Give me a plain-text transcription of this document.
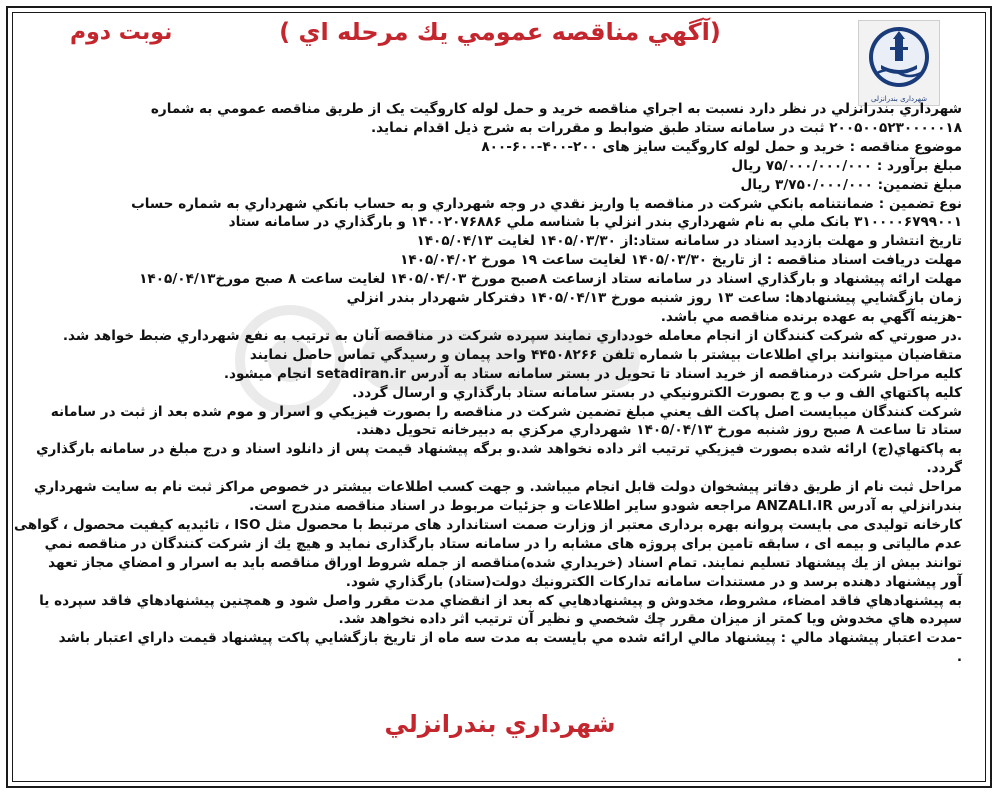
(آگهي مناقصه عمومي يك مرحله اي )
نوبت دوم
شهرداری بندرانزلی
شهرداري بندرانزلي در نظر دارد نسبت به اجراي مناقصه خريد و حمل لوله كاروگيت يک از طريق مناقصه عمومي به شماره
۲۰۰۵۰۰۵۲۳۰۰۰۰۰۱۸ ثبت در سامانه ستاد طبق ضوابط و مقررات به شرح ذيل اقدام نمايد.
موضوع مناقصه : خريد و حمل لوله كاروگيت سايز های ۲۰۰-۴۰۰-۶۰۰-۸۰۰
مبلغ برآورد : ۷۵/۰۰۰/۰۰۰/۰۰۰ ريال
مبلغ تضمين: ۳/۷۵۰/۰۰۰/۰۰۰ ريال
نوع تضمين : ضمانتنامه بانكي شركت در مناقصه يا واريز نقدي در وجه شهرداري و به حساب بانكي شهرداري به شماره حساب
۳۱۰۰۰۰۶۷۹۹۰۰۱ بانک ملي به نام شهرداري بندر انزلي با شناسه ملي ۱۴۰۰۲۰۷۶۸۸۶ و بارگذاري در سامانه ستاد
تاريخ انتشار و مهلت بازديد اسناد در سامانه ستاد:از ۱۴۰۵/۰۳/۳۰ لغايت ۱۴۰۵/۰۴/۱۳
مهلت دريافت اسناد مناقصه : از تاريخ ۱۴۰۵/۰۳/۳۰ لغايت ساعت ۱۹ مورخ ۱۴۰۵/۰۴/۰۲
مهلت ارائه پيشنهاد و بارگذاري اسناد در سامانه ستاد ازساعت ۸صبح مورخ ۱۴۰۵/۰۴/۰۳ لغايت ساعت ۸ صبح مورخ۱۴۰۵/۰۴/۱۳
زمان بازگشايي پيشنهادها: ساعت ۱۳ روز شنبه مورخ ۱۴۰۵/۰۴/۱۳ دفتركار شهردار بندر انزلي
-هزينه آگهي به عهده برنده مناقصه مي باشد.
.در صورتي كه شركت كنندگان از انجام معامله خودداري نمايند سپرده شركت در مناقصه آنان به ترتيب به نفع شهرداري ضبط خواهد شد.
متقاضيان ميتوانند براي اطلاعات بيشتر با شماره تلفن ۴۴۵۰۸۲۶۶ واحد پيمان و رسيدگي تماس حاصل نمايند
كليه مراحل شركت درمناقصه از خريد اسناد تا تحويل در بستر سامانه ستاد به آدرس setadiran.ir انجام ميشود.
كليه پاكتهاي الف و ب و ج بصورت الكترونيكي در بستر سامانه ستاد بارگذاري و ارسال گردد.
شركت كنندگان ميبايست اصل پاكت الف يعني مبلغ تضمين شركت در مناقصه را بصورت فيزيكي و اسرار و موم شده بعد از ثبت در سامانه
ستاد تا ساعت ۸ صبح روز شنبه مورخ ۱۴۰۵/۰۴/۱۳ شهرداري مركزي به دبيرخانه تحويل دهند.
به پاكتهاي(ج) ارائه شده بصورت فيزيكي ترتيب اثر داده نخواهد شد.و برگه پيشنهاد قيمت پس از دانلود اسناد و درج مبلغ در سامانه بارگذاري
گردد.
مراحل ثبت نام از طريق دفاتر پيشخوان دولت قابل انجام ميباشد. و جهت كسب اطلاعات بيشتر در خصوص مراكز ثبت نام به سايت شهرداري
بندرانزلي به آدرس ANZALI.IR مراجعه شودو ساير اطلاعات و جزئيات مربوط در اسناد مناقصه مندرج است.
كارخانه توليدی می بايست پروانه بهره برداری معتبر از وزارت صمت استاندارد های مرتبط با محصول مثل ISO ، تائيديه كيفيت محصول ، گواهی
عدم مالياتی و بيمه ای ، سابقه تامين برای پروژه های مشابه را در سامانه ستاد بارگذاری نمايد و هيچ يك از شركت كنندگان در مناقصه نمي
توانند بيش از يك پيشنهاد تسليم نمايند. تمام اسناد (خريداري شده)مناقصه از جمله شروط اوراق مناقصه بايد به اسرار و امضاي مجاز تعهد
آور پيشنهاد دهنده برسد و در مستندات سامانه تداركات الكترونيك دولت(ستاد) بارگذاري شود.
به پيشنهادهاي فاقد امضاء، مشروط، مخدوش و پيشنهادهايي كه بعد از انقضاي مدت مقرر واصل شود و همچنين پيشنهادهاي فاقد سپرده يا
سپرده هاي مخدوش ويا كمتر از ميزان مقرر چك شخصي و نظير آن ترتيب اثر داده نخواهد شد.
-مدت اعتبار پيشنهاد مالي : پيشنهاد مالي ارائه شده مي بايست به مدت سه ماه از تاريخ بازگشايي پاكت پيشنهاد قيمت داراي اعتبار باشد
.
شهرداري بندرانزلي
